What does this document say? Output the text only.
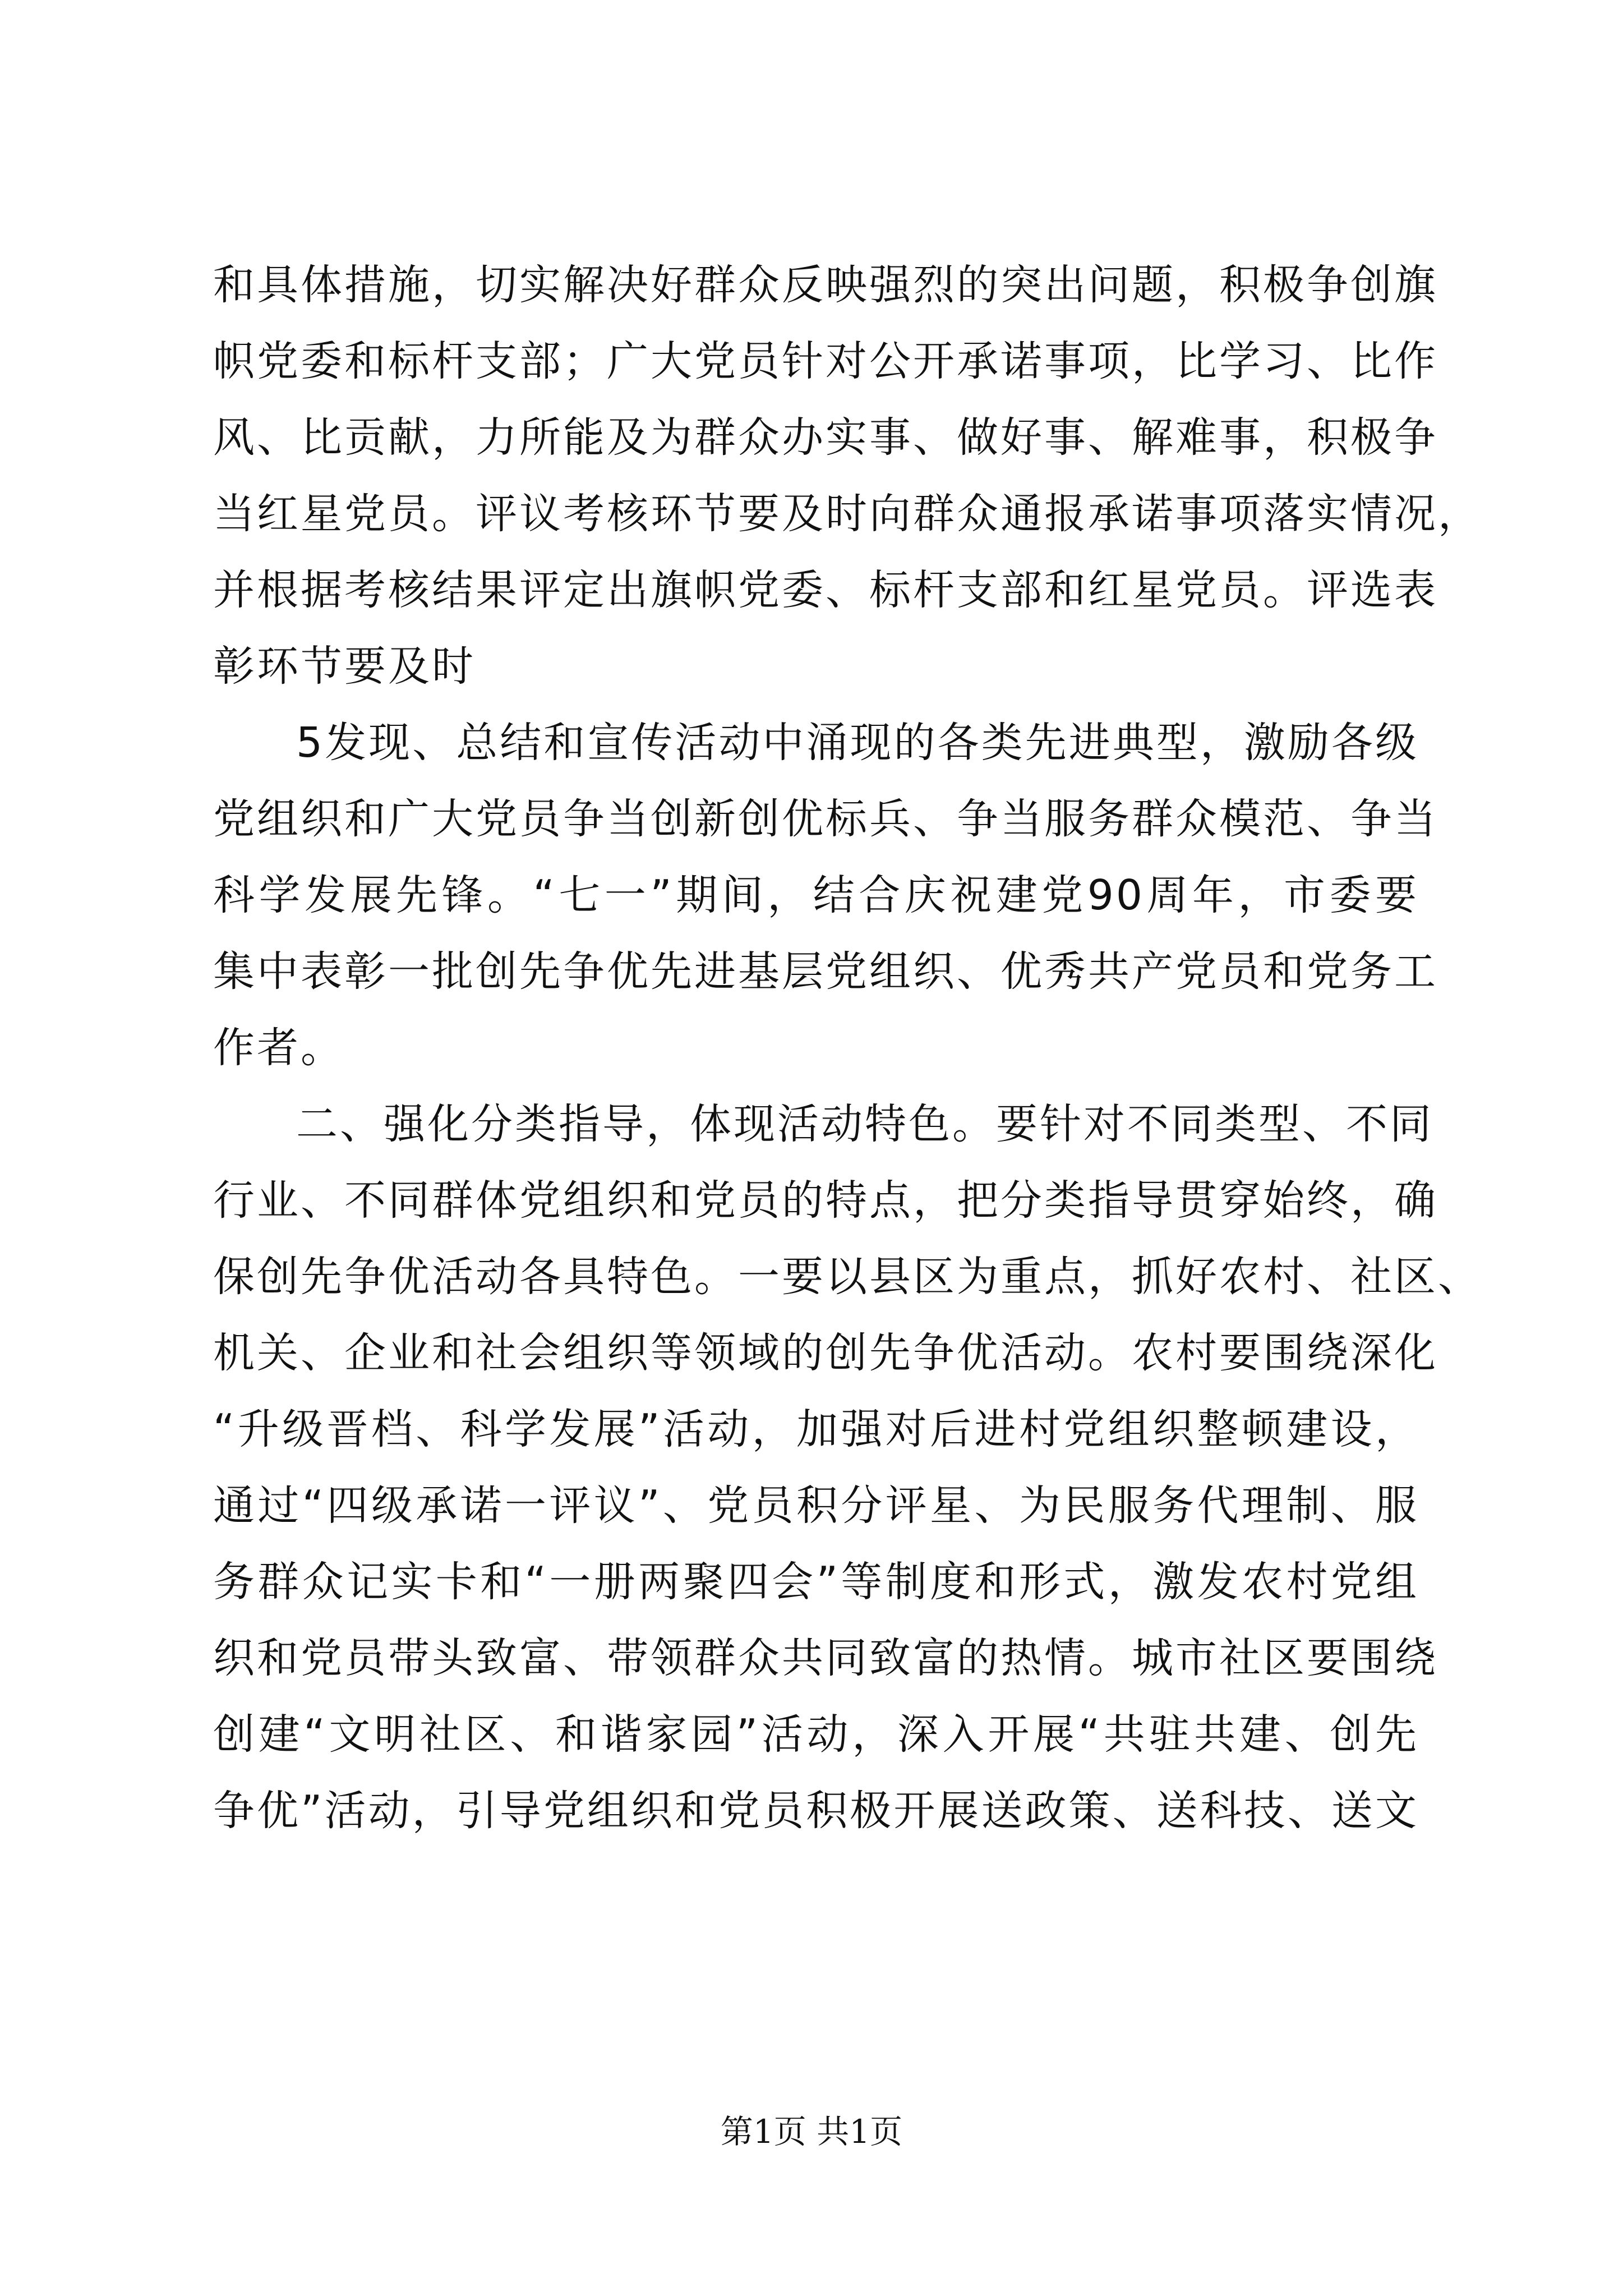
和具体措施，切实解决好群众反映强烈的突出问题，积极争创旗
帜党委和标杆支部；广大党员针对公开承诺事项，比学习、比作
风、比贡献，力所能及为群众办实事、做好事、解难事，积极争
当红星党员。评议考核环节要及时向群众通报承诺事项落实情况，
并根据考核结果评定出旗帜党委、标杆支部和红星党员。评选表
彰环节要及时
5发现、总结和宣传活动中涌现的各类先进典型，激励各级
党组织和广大党员争当创新创优标兵、争当服务群众模范、争当
科学发展先锋。“七一”期间，结合庆祝建党90周年，市委要
集中表彰一批创先争优先进基层党组织、优秀共产党员和党务工
作者。
二、强化分类指导，体现活动特色。要针对不同类型、不同
行业、不同群体党组织和党员的特点，把分类指导贯穿始终，确
保创先争优活动各具特色。一要以县区为重点，抓好农村、社区、
机关、企业和社会组织等领域的创先争优活动。农村要围绕深化
“升级晋档、科学发展”活动，加强对后进村党组织整顿建设，
通过“四级承诺一评议”、党员积分评星、为民服务代理制、服
务群众记实卡和“一册两聚四会”等制度和形式，激发农村党组
织和党员带头致富、带领群众共同致富的热情。城市社区要围绕
创建“文明社区、和谐家园”活动，深入开展“共驻共建、创先
争优”活动，引导党组织和党员积极开展送政策、送科技、送文
第1页 共1页
